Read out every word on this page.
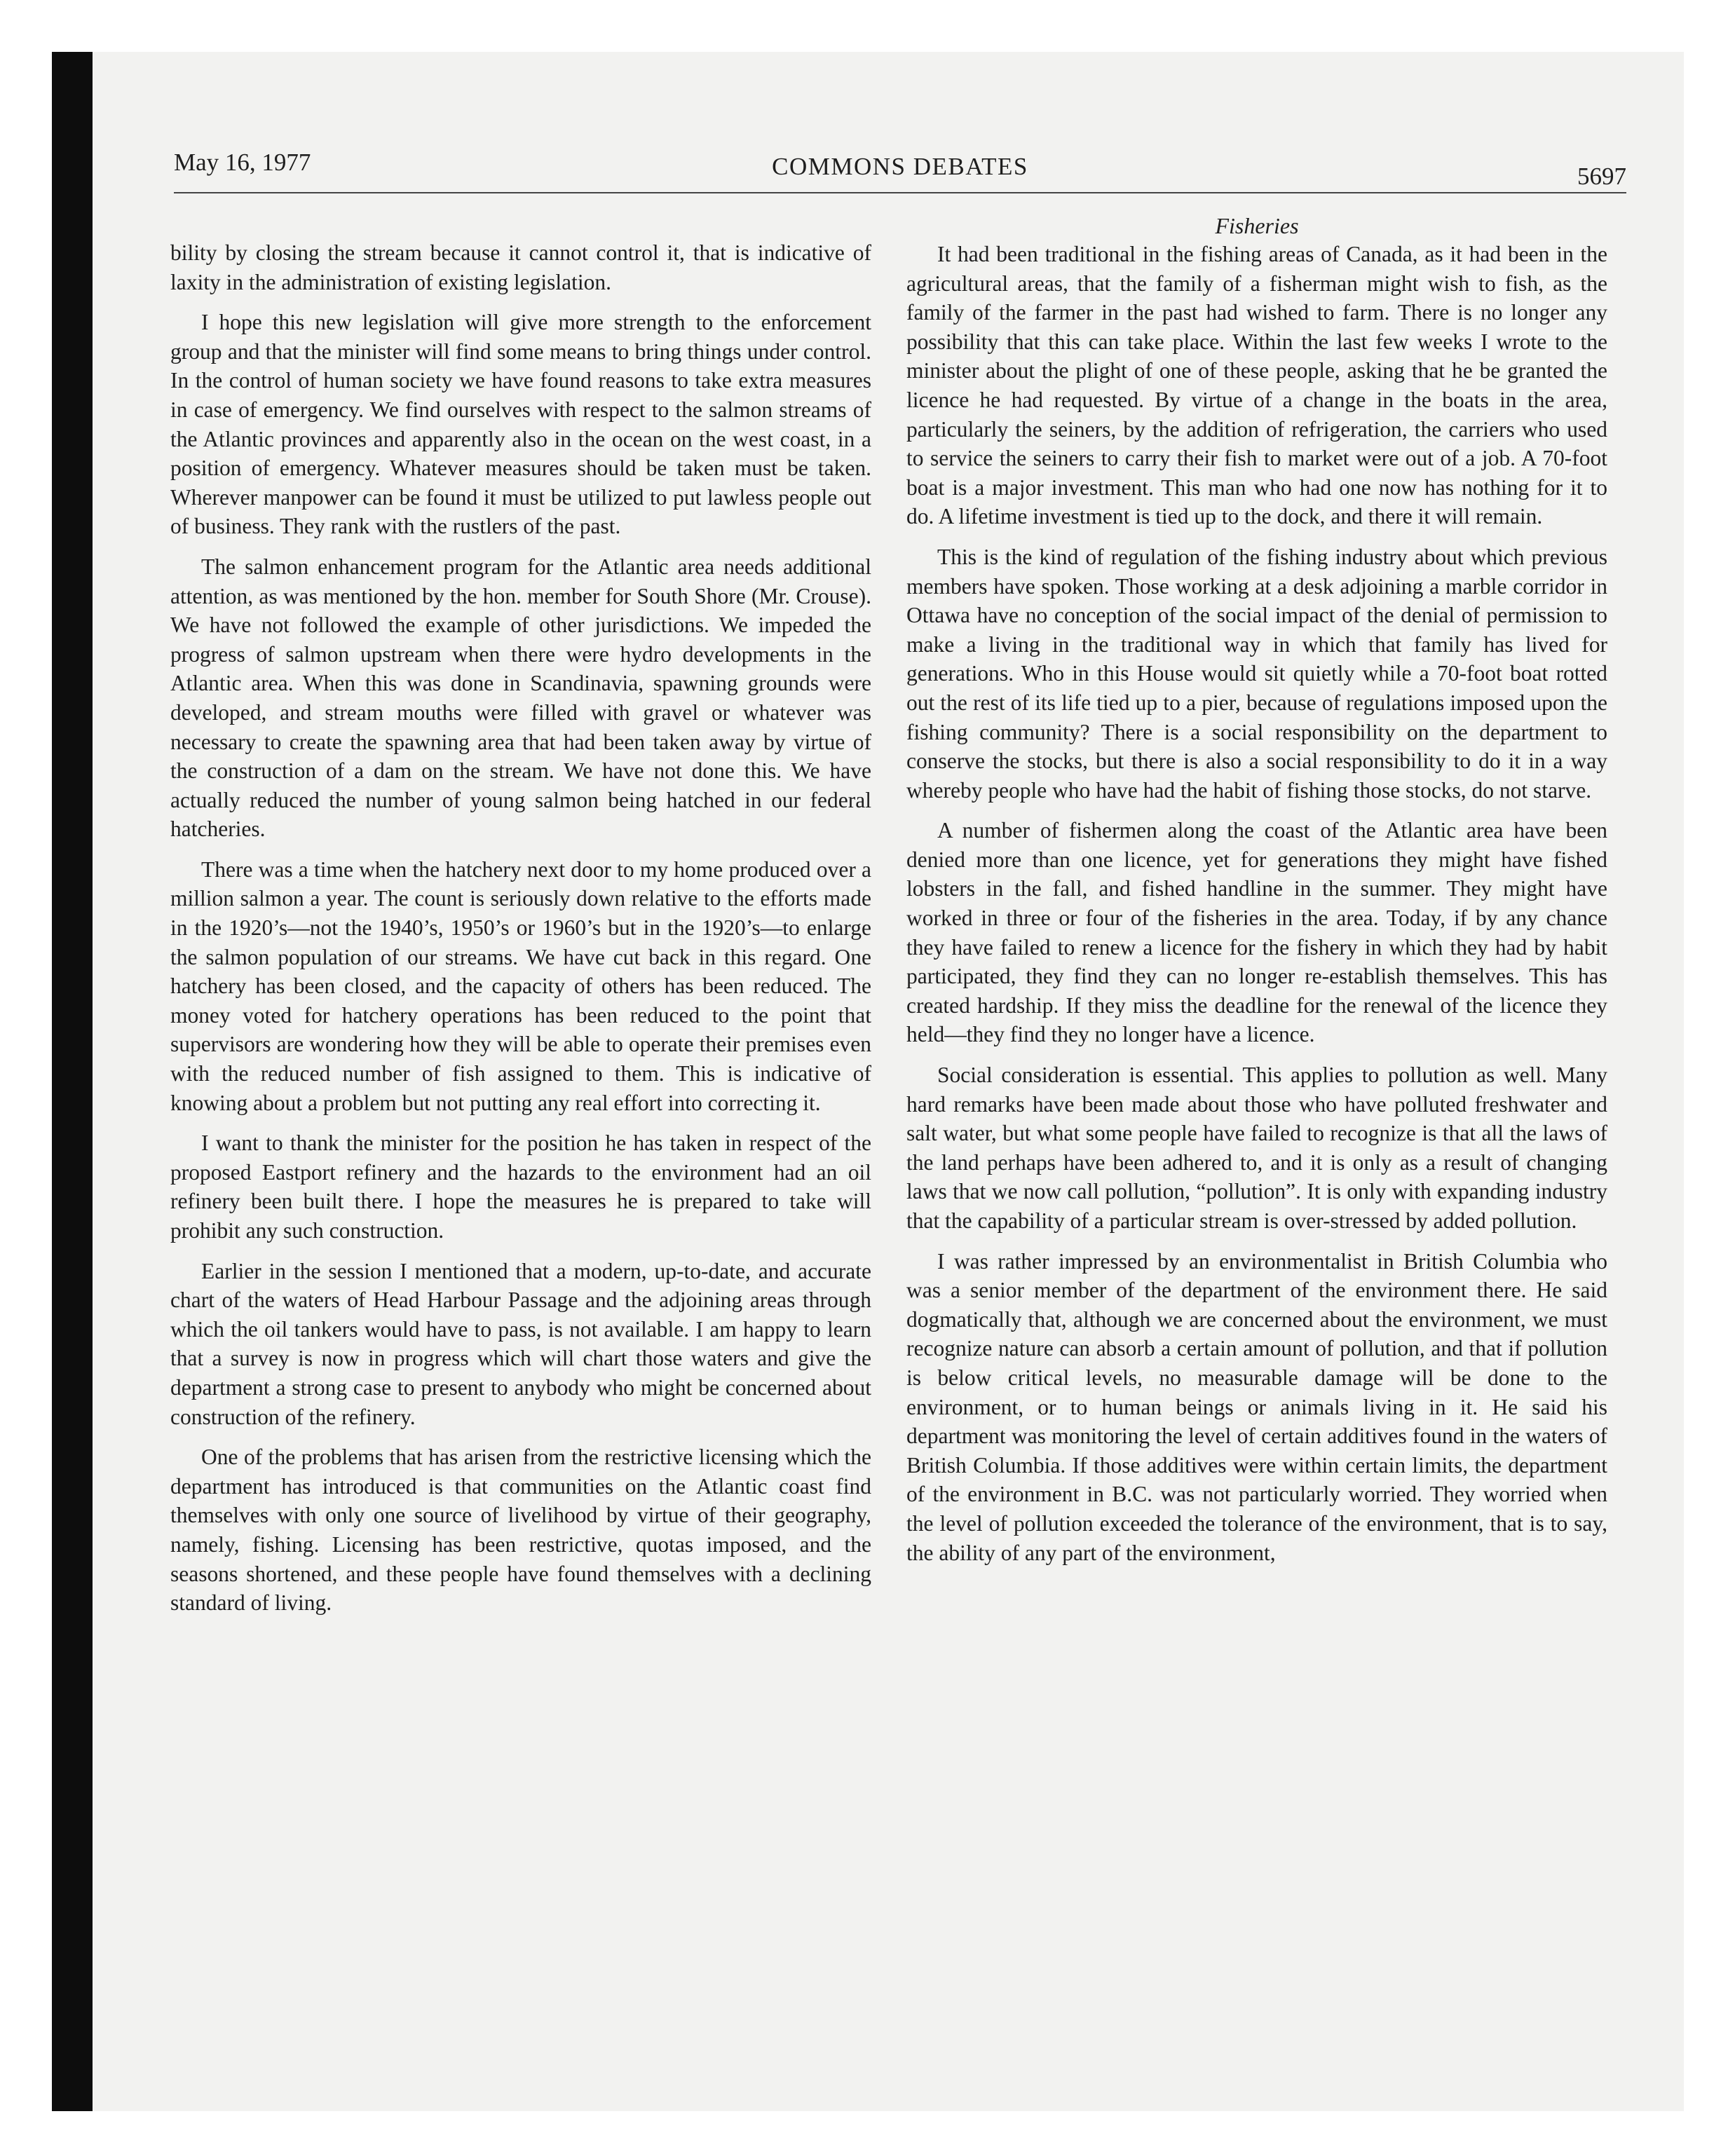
May 16, 1977	COMMONS DEBATES	5697

bility by closing the stream because it cannot control it, that is indicative of laxity in the administration of existing legislation.

I hope this new legislation will give more strength to the enforcement group and that the minister will find some means to bring things under control. In the control of human society we have found reasons to take extra measures in case of emergency. We find ourselves with respect to the salmon streams of the Atlantic provinces and apparently also in the ocean on the west coast, in a position of emergency. Whatever measures should be taken must be taken. Wherever manpower can be found it must be utilized to put lawless people out of business. They rank with the rustlers of the past.

The salmon enhancement program for the Atlantic area needs additional attention, as was mentioned by the hon. member for South Shore (Mr. Crouse). We have not followed the example of other jurisdictions. We impeded the progress of salmon upstream when there were hydro developments in the Atlantic area. When this was done in Scandinavia, spawning grounds were developed, and stream mouths were filled with gravel or whatever was necessary to create the spawning area that had been taken away by virtue of the construction of a dam on the stream. We have not done this. We have actually reduced the number of young salmon being hatched in our federal hatcheries.

There was a time when the hatchery next door to my home produced over a million salmon a year. The count is seriously down relative to the efforts made in the 1920’s—not the 1940’s, 1950’s or 1960’s but in the 1920’s—to enlarge the salmon population of our streams. We have cut back in this regard. One hatchery has been closed, and the capacity of others has been reduced. The money voted for hatchery operations has been reduced to the point that supervisors are wondering how they will be able to operate their premises even with the reduced number of fish assigned to them. This is indicative of knowing about a problem but not putting any real effort into correcting it.

I want to thank the minister for the position he has taken in respect of the proposed Eastport refinery and the hazards to the environment had an oil refinery been built there. I hope the measures he is prepared to take will prohibit any such construction.

Earlier in the session I mentioned that a modern, up-to-date, and accurate chart of the waters of Head Harbour Passage and the adjoining areas through which the oil tankers would have to pass, is not available. I am happy to learn that a survey is now in progress which will chart those waters and give the department a strong case to present to anybody who might be concerned about construction of the refinery.

One of the problems that has arisen from the restrictive licensing which the department has introduced is that communities on the Atlantic coast find themselves with only one source of livelihood by virtue of their geography, namely, fishing. Licensing has been restrictive, quotas imposed, and the seasons shortened, and these people have found themselves with a declining standard of living.

Fisheries

It had been traditional in the fishing areas of Canada, as it had been in the agricultural areas, that the family of a fisherman might wish to fish, as the family of the farmer in the past had wished to farm. There is no longer any possibility that this can take place. Within the last few weeks I wrote to the minister about the plight of one of these people, asking that he be granted the licence he had requested. By virtue of a change in the boats in the area, particularly the seiners, by the addition of refrigeration, the carriers who used to service the seiners to carry their fish to market were out of a job. A 70-foot boat is a major investment. This man who had one now has nothing for it to do. A lifetime investment is tied up to the dock, and there it will remain.

This is the kind of regulation of the fishing industry about which previous members have spoken. Those working at a desk adjoining a marble corridor in Ottawa have no conception of the social impact of the denial of permission to make a living in the traditional way in which that family has lived for generations. Who in this House would sit quietly while a 70-foot boat rotted out the rest of its life tied up to a pier, because of regulations imposed upon the fishing community? There is a social responsibility on the department to conserve the stocks, but there is also a social responsibility to do it in a way whereby people who have had the habit of fishing those stocks, do not starve.

A number of fishermen along the coast of the Atlantic area have been denied more than one licence, yet for generations they might have fished lobsters in the fall, and fished handline in the summer. They might have worked in three or four of the fisheries in the area. Today, if by any chance they have failed to renew a licence for the fishery in which they had by habit participated, they find they can no longer re-establish themselves. This has created hardship. If they miss the deadline for the renewal of the licence they held—they find they no longer have a licence.

Social consideration is essential. This applies to pollution as well. Many hard remarks have been made about those who have polluted freshwater and salt water, but what some people have failed to recognize is that all the laws of the land perhaps have been adhered to, and it is only as a result of changing laws that we now call pollution, “pollution”. It is only with expanding industry that the capability of a particular stream is over-stressed by added pollution.

I was rather impressed by an environmentalist in British Columbia who was a senior member of the department of the environment there. He said dogmatically that, although we are concerned about the environment, we must recognize nature can absorb a certain amount of pollution, and that if pollution is below critical levels, no measurable damage will be done to the environment, or to human beings or animals living in it. He said his department was monitoring the level of certain additives found in the waters of British Columbia. If those additives were within certain limits, the department of the environment in B.C. was not particularly worried. They worried when the level of pollution exceeded the tolerance of the environment, that is to say, the ability of any part of the environment,
